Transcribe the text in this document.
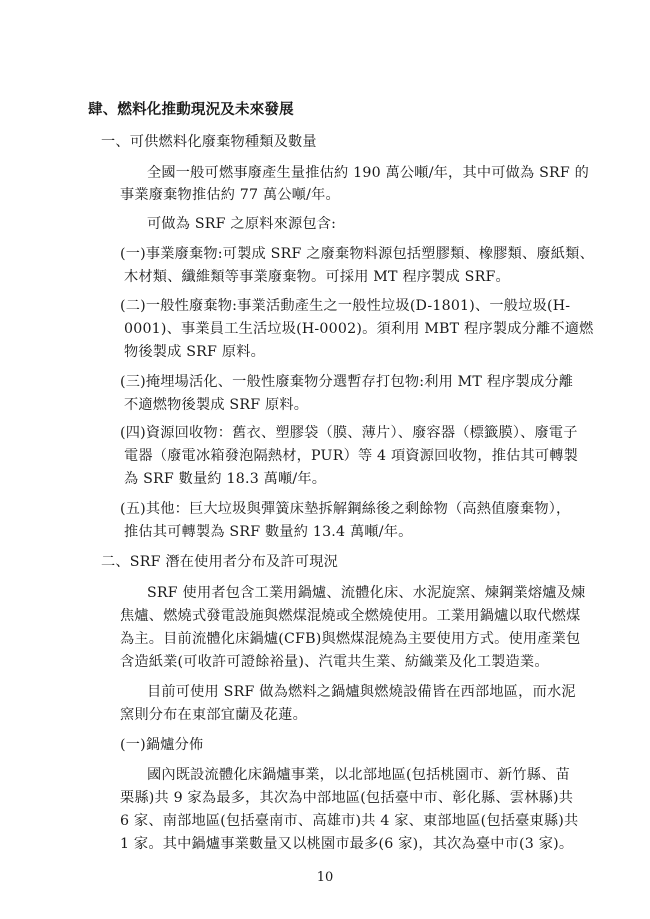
肆、燃料化推動現況及未來發展
一、可供燃料化廢棄物種類及數量
全國一般可燃事廢產生量推估約 190 萬公噸/年，其中可做為 SRF 的
事業廢棄物推估約 77 萬公噸/年。
可做為 SRF 之原料來源包含:
(一)事業廢棄物:可製成 SRF 之廢棄物料源包括塑膠類、橡膠類、廢紙類、
木材類、纖維類等事業廢棄物。可採用 MT 程序製成 SRF。
(二)一般性廢棄物:事業活動產生之一般性垃圾(D-1801)、一般垃圾(H-
0001)、事業員工生活垃圾(H-0002)。須利用 MBT 程序製成分離不適燃
物後製成 SRF 原料。
(三)掩埋場活化、一般性廢棄物分選暫存打包物:利用 MT 程序製成分離
不適燃物後製成 SRF 原料。
(四)資源回收物：舊衣、塑膠袋（膜、薄片）、廢容器（標籤膜）、廢電子
電器（廢電冰箱發泡隔熱材，PUR）等 4 項資源回收物，推估其可轉製
為 SRF 數量約 18.3 萬噸/年。
(五)其他：巨大垃圾與彈簧床墊拆解鋼絲後之剩餘物（高熱值廢棄物），
推估其可轉製為 SRF 數量約 13.4 萬噸/年。
二、SRF 潛在使用者分布及許可現況
SRF 使用者包含工業用鍋爐、流體化床、水泥旋窯、煉鋼業熔爐及煉
焦爐、燃燒式發電設施與燃煤混燒或全燃燒使用。工業用鍋爐以取代燃煤
為主。目前流體化床鍋爐(CFB)與燃煤混燒為主要使用方式。使用產業包
含造紙業(可收許可證餘裕量)、汽電共生業、紡織業及化工製造業。
目前可使用 SRF 做為燃料之鍋爐與燃燒設備皆在西部地區，而水泥
窯則分布在東部宜蘭及花蓮。
(一)鍋爐分佈
國內既設流體化床鍋爐事業，以北部地區(包括桃園市、新竹縣、苗
栗縣)共 9 家為最多，其次為中部地區(包括臺中市、彰化縣、雲林縣)共
6 家、南部地區(包括臺南市、高雄市)共 4 家、東部地區(包括臺東縣)共
1 家。其中鍋爐事業數量又以桃園市最多(6 家)，其次為臺中市(3 家)。
10
